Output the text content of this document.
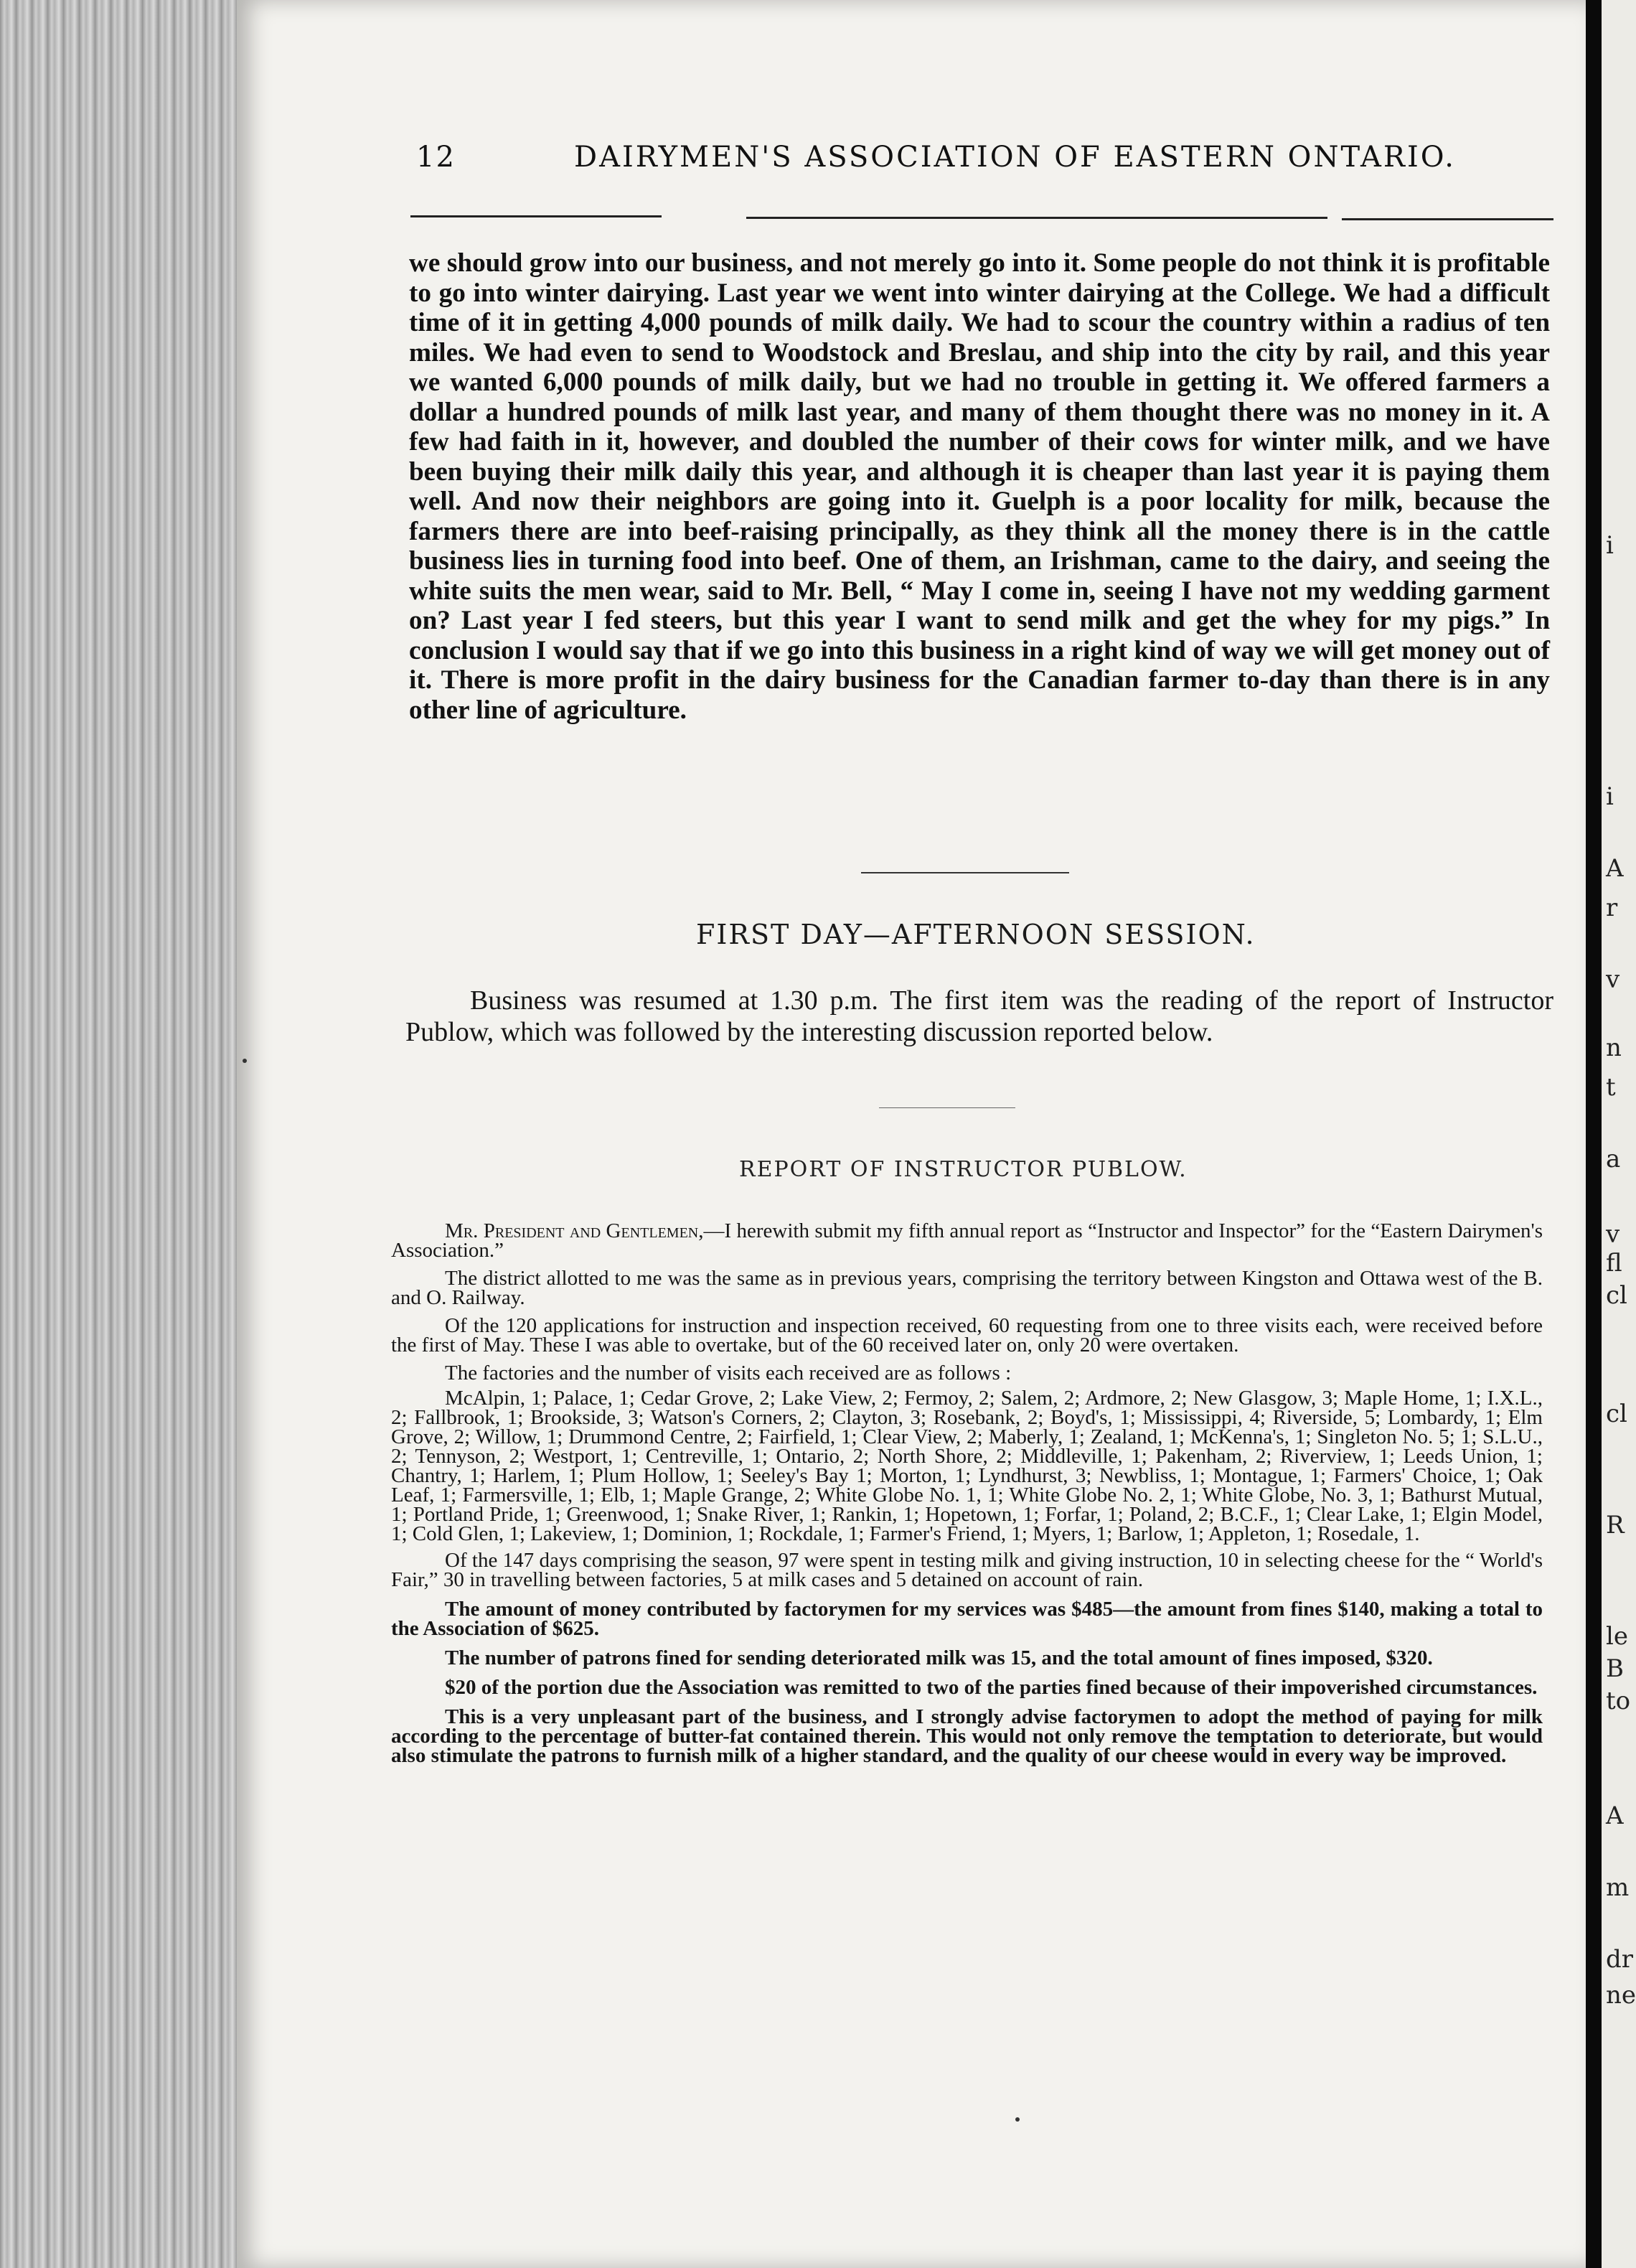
i
i
A
r
v
n
t
a
v
fl
cl
cl
R
le
B
to
A
m
dr
ne
12	DAIRYMEN'S ASSOCIATION OF EASTERN ONTARIO.
we should grow into our business, and not merely go into it. Some people do not think it is profitable to go into winter dairying. Last year we went into winter dairying at the College. We had a difficult time of it in getting 4,000 pounds of milk daily. We had to scour the country within a radius of ten miles. We had even to send to Woodstock and Breslau, and ship into the city by rail, and this year we wanted 6,000 pounds of milk daily, but we had no trouble in getting it. We offered farmers a dollar a hundred pounds of milk last year, and many of them thought there was no money in it. A few had faith in it, however, and doubled the number of their cows for winter milk, and we have been buying their milk daily this year, and although it is cheaper than last year it is paying them well. And now their neighbors are going into it. Guelph is a poor locality for milk, because the farmers there are into beef-raising principally, as they think all the money there is in the cattle business lies in turning food into beef. One of them, an Irishman, came to the dairy, and seeing the white suits the men wear, said to Mr. Bell, “ May I come in, seeing I have not my wedding garment on? Last year I fed steers, but this year I want to send milk and get the whey for my pigs.” In conclusion I would say that if we go into this business in a right kind of way we will get money out of it. There is more profit in the dairy business for the Canadian farmer to-day than there is in any other line of agriculture.
FIRST DAY—AFTERNOON SESSION.
Business was resumed at 1.30 p.m. The first item was the reading of the report of Instructor Publow, which was followed by the interesting discussion reported below.
REPORT OF INSTRUCTOR PUBLOW.

Mr. President and Gentlemen,—I herewith submit my fifth annual report as “Instructor and Inspector” for the “Eastern Dairymen's Association.”

The district allotted to me was the same as in previous years, comprising the territory between Kingston and Ottawa west of the B. and O. Railway.

Of the 120 applications for instruction and inspection received, 60 requesting from one to three visits each, were received before the first of May. These I was able to overtake, but of the 60 received later on, only 20 were overtaken.

The factories and the number of visits each received are as follows :

McAlpin, 1; Palace, 1; Cedar Grove, 2; Lake View, 2; Fermoy, 2; Salem, 2; Ardmore, 2; New Glasgow, 3; Maple Home, 1; I.X.L., 2; Fallbrook, 1; Brookside, 3; Watson's Corners, 2; Clayton, 3; Rosebank, 2; Boyd's, 1; Mississippi, 4; Riverside, 5; Lombardy, 1; Elm Grove, 2; Willow, 1; Drummond Centre, 2; Fairfield, 1; Clear View, 2; Maberly, 1; Zealand, 1; McKenna's, 1; Singleton No. 5; 1; S.L.U., 2; Tennyson, 2; Westport, 1; Centreville, 1; Ontario, 2; North Shore, 2; Middleville, 1; Pakenham, 2; Riverview, 1; Leeds Union, 1; Chantry, 1; Harlem, 1; Plum Hollow, 1; Seeley's Bay 1; Morton, 1; Lyndhurst, 3; Newbliss, 1; Montague, 1; Farmers' Choice, 1; Oak Leaf, 1; Farmersville, 1; Elb, 1; Maple Grange, 2; White Globe No. 1, 1; White Globe No. 2, 1; White Globe, No. 3, 1; Bathurst Mutual, 1; Portland Pride, 1; Greenwood, 1; Snake River, 1; Rankin, 1; Hopetown, 1; Forfar, 1; Poland, 2; B.C.F., 1; Clear Lake, 1; Elgin Model, 1; Cold Glen, 1; Lakeview, 1; Dominion, 1; Rockdale, 1; Farmer's Friend, 1; Myers, 1; Barlow, 1; Appleton, 1; Rosedale, 1.

Of the 147 days comprising the season, 97 were spent in testing milk and giving instruction, 10 in selecting cheese for the “ World's Fair,” 30 in travelling between factories, 5 at milk cases and 5 detained on account of rain.

The amount of money contributed by factorymen for my services was $485—the amount from fines $140, making a total to the Association of $625.

The number of patrons fined for sending deteriorated milk was 15, and the total amount of fines imposed, $320.

$20 of the portion due the Association was remitted to two of the parties fined because of their impoverished circumstances.

This is a very unpleasant part of the business, and I strongly advise factorymen to adopt the method of paying for milk according to the percentage of butter-fat contained therein. This would not only remove the temptation to deteriorate, but would also stimulate the patrons to furnish milk of a higher standard, and the quality of our cheese would in every way be improved.
